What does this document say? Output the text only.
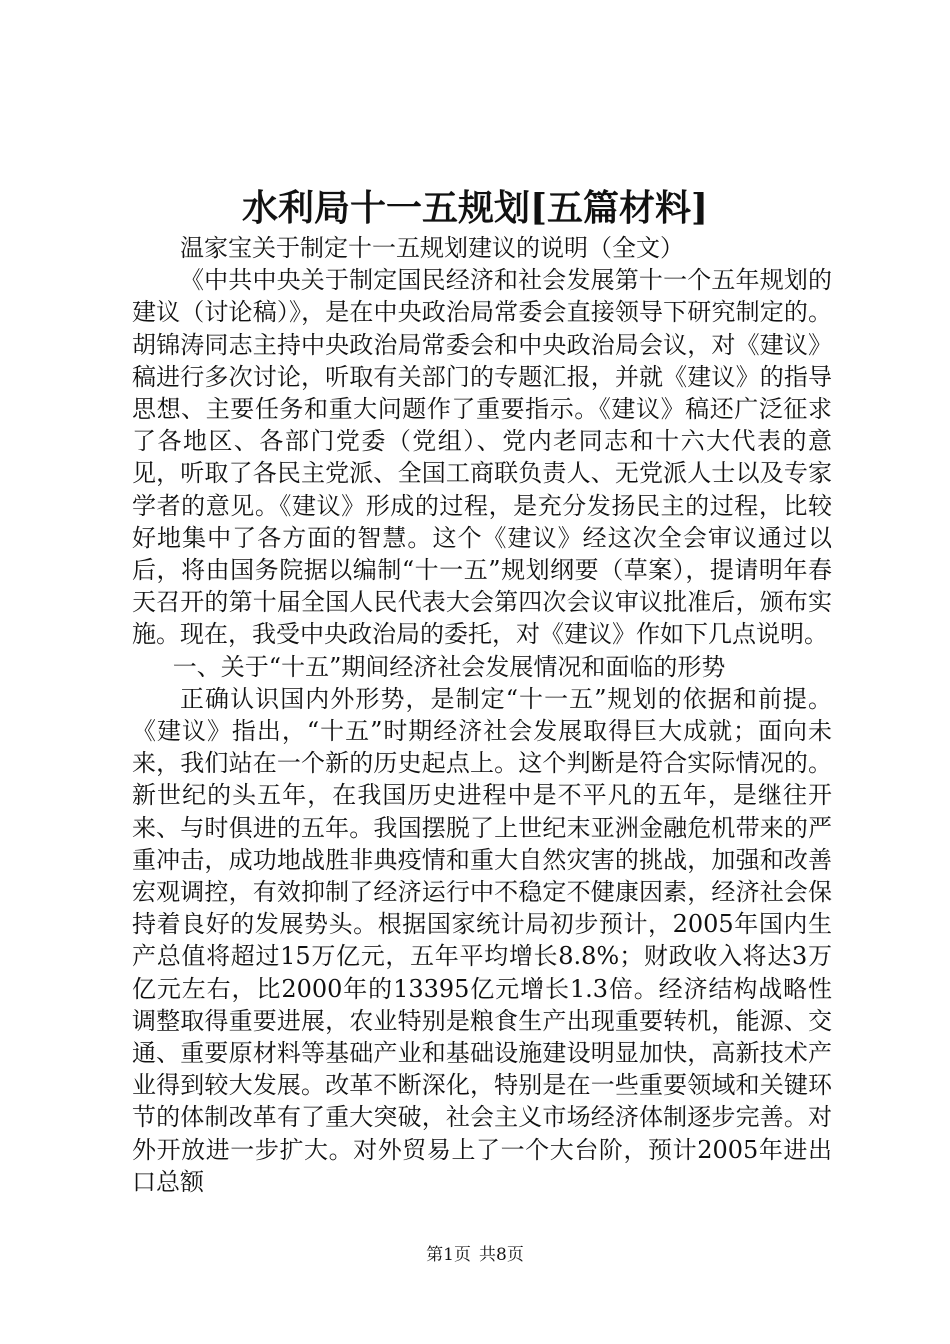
水利局十一五规划[五篇材料]

温家宝关于制定十一五规划建议的说明（全文）

《中共中央关于制定国民经济和社会发展第十一个五年规划的建议（讨论稿）》，是在中央政治局常委会直接领导下研究制定的。胡锦涛同志主持中央政治局常委会和中央政治局会议，对《建议》稿进行多次讨论，听取有关部门的专题汇报，并就《建议》的指导思想、主要任务和重大问题作了重要指示。《建议》稿还广泛征求了各地区、各部门党委（党组）、党内老同志和十六大代表的意见，听取了各民主党派、全国工商联负责人、无党派人士以及专家学者的意见。《建议》形成的过程，是充分发扬民主的过程，比较好地集中了各方面的智慧。这个《建议》经这次全会审议通过以后，将由国务院据以编制“十一五”规划纲要（草案），提请明年春天召开的第十届全国人民代表大会第四次会议审议批准后，颁布实施。现在，我受中央政治局的委托，对《建议》作如下几点说明。

一、关于“十五”期间经济社会发展情况和面临的形势

正确认识国内外形势，是制定“十一五”规划的依据和前提。《建议》指出，“十五”时期经济社会发展取得巨大成就；面向未来，我们站在一个新的历史起点上。这个判断是符合实际情况的。新世纪的头五年，在我国历史进程中是不平凡的五年，是继往开来、与时俱进的五年。我国摆脱了上世纪末亚洲金融危机带来的严重冲击，成功地战胜非典疫情和重大自然灾害的挑战，加强和改善宏观调控，有效抑制了经济运行中不稳定不健康因素，经济社会保持着良好的发展势头。根据国家统计局初步预计，2005年国内生产总值将超过15万亿元，五年平均增长8.8%；财政收入将达3万亿元左右，比2000年的13395亿元增长1.3倍。经济结构战略性调整取得重要进展，农业特别是粮食生产出现重要转机，能源、交通、重要原材料等基础产业和基础设施建设明显加快，高新技术产业得到较大发展。改革不断深化，特别是在一些重要领域和关键环节的体制改革有了重大突破，社会主义市场经济体制逐步完善。对外开放进一步扩大。对外贸易上了一个大台阶，预计2005年进出口总额

第1页 共8页
